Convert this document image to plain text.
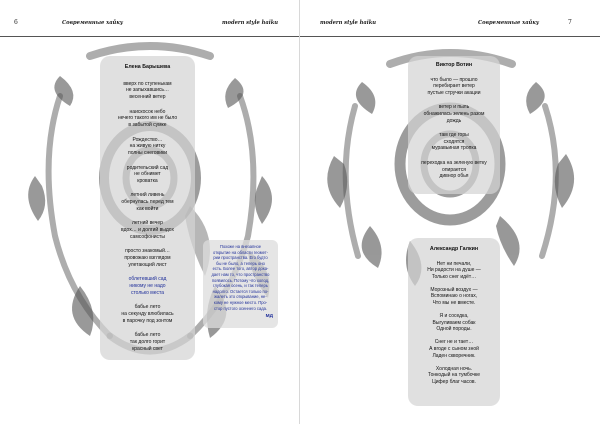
6	Современные хайку	modern style haiku
Елена Барышева
вверх по ступенькам
не запыхавшись…
весенний ветер
наискосок небо
нечего такого им не было
в забытой сумке
Рождество…
на живую нитку
полны снеговики
родительский сад
не обнимет
кроватка
летний ливень
обернулась перед тем
как войти
летний вечер
вдох… и долгий выдох
самсофонисты
просто знакомый…
провожаю взглядом
улетающий лист
облетевший сад
никому не надо
столько места
бабье лето
на секунду влюбилась
в парочку под зонтом
бабье лето
так долго горит
красный свет
Похоже на внезапное
открытие на области геомет-
рии пространства. Его будто
бы не было, а теперь оно
есть. Более того, автор дока-
дает нам то, что пространство
появилось. Потому что холод,
глубокая осень, и так теперь
надолго. Остается только по-
жалеть это открывание, не-
кому не нужное место. Про-
стор пустого осеннего сада.
МД
modern style haiku	Современные хайку	7
Виктор Вотин
что было — прошло
перебирает ветер
пустые стручки акации
ветер и пыль
обнажилась зелень разом
дождь
там где горы
сходятся
муравьиная тропка
переходка на зеленую ветку
опирается
дивнор обья
Александр Галкин
Нет ни печали,
Ни радости на душе —
Только снег идёт…
Морозный воздух —
Вспоминаю о ногах,
Что мы не вместе.
Я и соседка,
Выгуливаем собак
Одной породы.
Снег не и тает…
А вгоде с сыном зной
Ладен скворечник.
Холодная ночь.
Тонкодый на тумбочке
Цифер благ часов.
